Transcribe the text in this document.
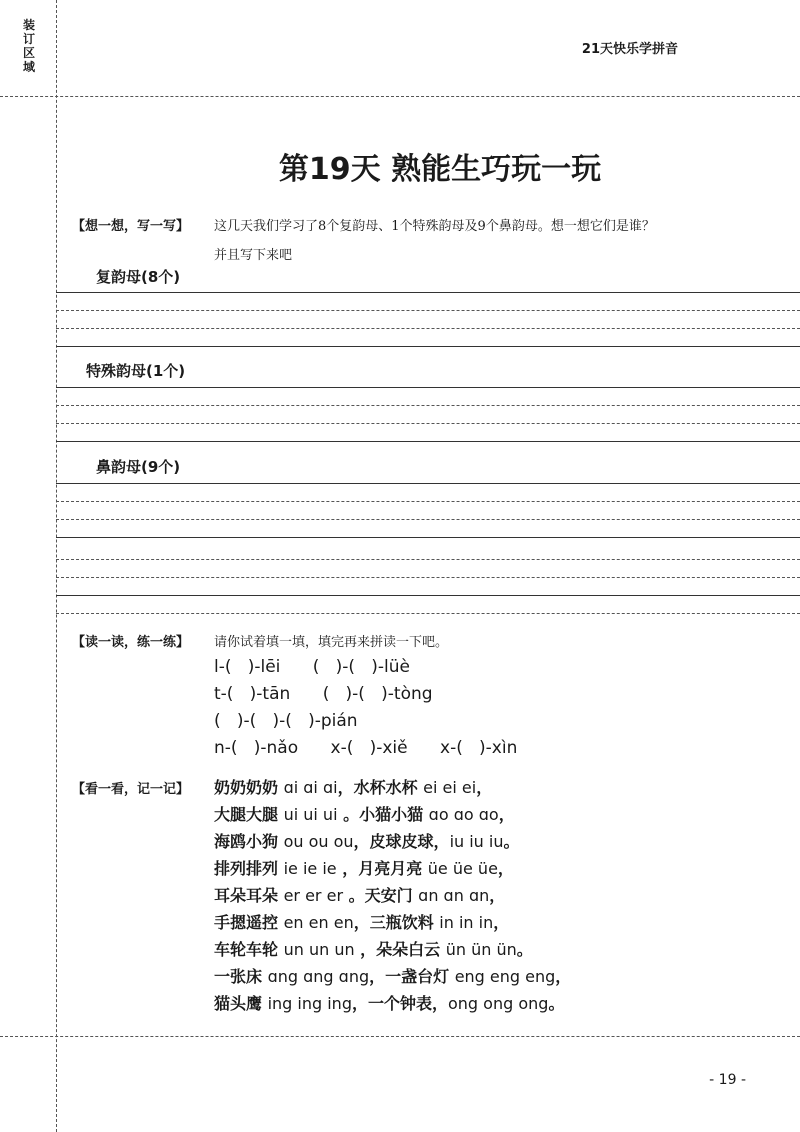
装
订
区
域
21天快乐学拼音
第19天 熟能生巧玩一玩
【想一想，写一写】 这几天我们学习了8个复韵母、1个特殊韵母及9个鼻韵母。想一想它们是谁？
并且写下来吧
复韵母(8个)
特殊韵母(1个)
鼻韵母(9个)
【读一读，练一练】 请你试着填一填，填完再来拼读一下吧。
l-(   )-lēi      (   )-(   )-lüè
t-(   )-tān      (   )-(   )-tòng
(   )-(   )-(   )-pián
n-(   )-nǎo      x-(   )-xiě      x-(   )-xìn
【看一看，记一记】 奶奶奶奶 ɑi ɑi ɑi，水杯水杯 ei ei ei，
大腿大腿 ui ui ui 。小猫小猫 ɑo ɑo ɑo，
海鸥小狗 ou ou ou，皮球皮球，iu iu iu。
排列排列 ie ie ie ，月亮月亮 üe üe üe，
耳朵耳朵 er er er 。天安门 ɑn ɑn ɑn，
手摁遥控 en en en，三瓶饮料 in in in，
车轮车轮 un un un ，朵朵白云 ün ün ün。
一张床 ɑng ɑng ɑng，一盏台灯 eng eng eng，
猫头鹰 ing ing ing，一个钟表，ong ong ong。
- 19 -
